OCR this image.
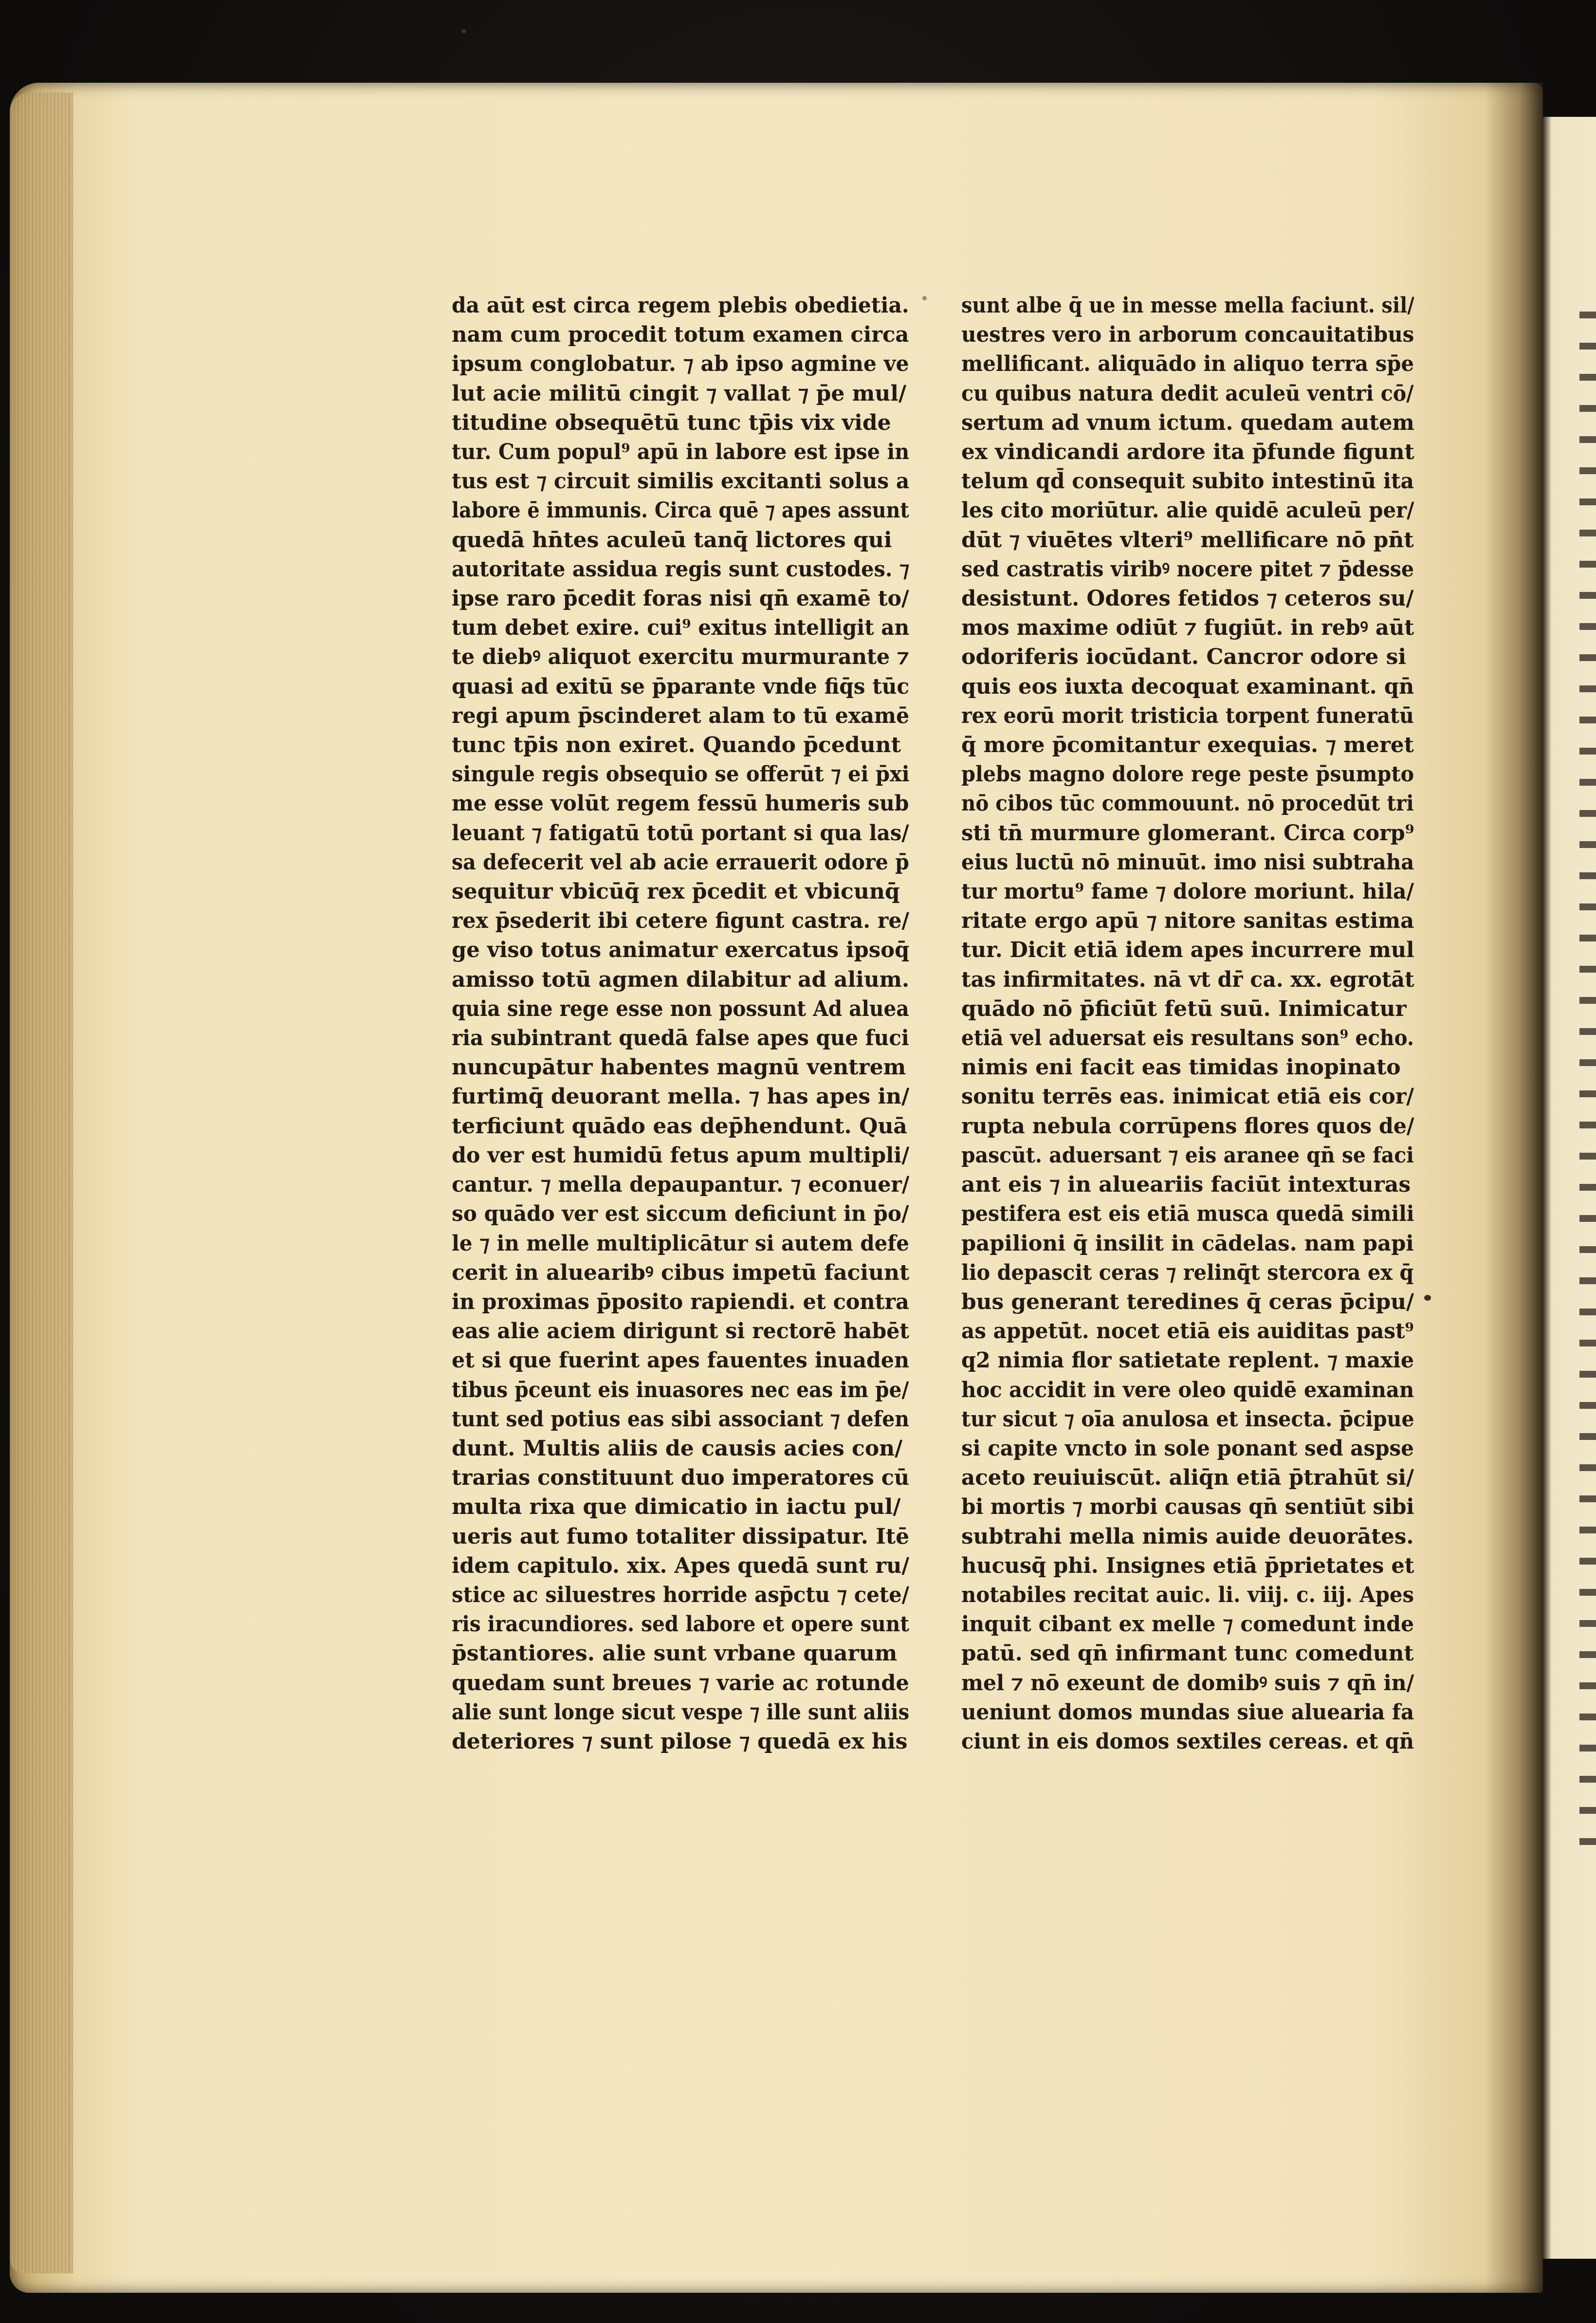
da aūt est circa regem plebis obedietia.
nam cum procedit totum examen circa
ipsum conglobatur. ⁊ ab ipso agmine ve
lut acie militū cingit ⁊ vallat ⁊ p̄e mul/
titudine obsequētū tunc tp̄is vix vide
tur. Cum popul⁹ apū in labore est ipse in
tus est ⁊ circuit similis excitanti solus a
labore ē immunis. Circa quē ⁊ apes assunt
quedā hn̄tes aculeū tanq̄ lictores qui
autoritate assidua regis sunt custodes. ⁊
ipse raro p̄cedit foras nisi qn̄ examē to/
tum debet exire. cui⁹ exitus intelligit an
te diebꝰ aliquot exercitu murmurante ⁊
quasi ad exitū se p̄parante vnde fiq̄s tūc
regi apum p̄scinderet alam to tū examē
tunc tp̄is non exiret. Quando p̄cedunt
singule regis obsequio se offerūt ⁊ ei p̄xi
me esse volūt regem fessū humeris sub
leuant ⁊ fatigatū totū portant si qua las/
sa defecerit vel ab acie errauerit odore p̄
sequitur vbicūq̄ rex p̄cedit et vbicunq̄
rex p̄sederit ibi cetere figunt castra. re/
ge viso totus animatur exercatus ipsoq̄
amisso totū agmen dilabitur ad alium.
quia sine rege esse non possunt Ad aluea
ria subintrant quedā false apes que fuci
nuncupātur habentes magnū ventrem
furtimq̄ deuorant mella. ⁊ has apes in/
terficiunt quādo eas dep̄hendunt. Quā
do ver est humidū fetus apum multipli/
cantur. ⁊ mella depaupantur. ⁊ econuer/
so quādo ver est siccum deficiunt in p̄o/
le ⁊ in melle multiplicātur si autem defe
cerit in aluearibꝰ cibus impetū faciunt
in proximas p̄posito rapiendi. et contra
eas alie aciem dirigunt si rectorē habēt
et si que fuerint apes fauentes inuaden
tibus p̄ceunt eis inuasores nec eas im p̄e/
tunt sed potius eas sibi associant ⁊ defen
dunt. Multis aliis de causis acies con/
trarias constituunt duo imperatores cū
multa rixa que dimicatio in iactu pul/
ueris aut fumo totaliter dissipatur. Itē
idem capitulo. xix. Apes quedā sunt ru/
stice ac siluestres horride asp̄ctu ⁊ cete/
ris iracundiores. sed labore et opere sunt
p̄stantiores. alie sunt vrbane quarum
quedam sunt breues ⁊ varie ac rotunde
alie sunt longe sicut vespe ⁊ ille sunt aliis
deteriores ⁊ sunt pilose ⁊ quedā ex his
sunt albe q̄ ue in messe mella faciunt. sil/
uestres vero in arborum concauitatibus
mellificant. aliquādo in aliquo terra sp̄e
cu quibus natura dedit aculeū ventri cō/
sertum ad vnum ictum. quedam autem
ex vindicandi ardore ita p̄funde figunt
telum qd̄ consequit subito intestinū ita
les cito moriūtur. alie quidē aculeū per/
dūt ⁊ viuētes vlteri⁹ mellificare nō pn̄t
sed castratis viribꝰ nocere pitet ⁊ p̄desse
desistunt. Odores fetidos ⁊ ceteros su/
mos maxime odiūt ⁊ fugiūt. in rebꝰ aūt
odoriferis iocūdant. Cancror odore si
quis eos iuxta decoquat examinant. qn̄
rex eorū morit tristicia torpent funeratū
q̄ more p̄comitantur exequias. ⁊ meret
plebs magno dolore rege peste p̄sumpto
nō cibos tūc commouunt. nō procedūt tri
sti tn̄ murmure glomerant. Circa corp⁹
eius luctū nō minuūt. imo nisi subtraha
tur mortu⁹ fame ⁊ dolore moriunt. hila/
ritate ergo apū ⁊ nitore sanitas estima
tur. Dicit etiā idem apes incurrere mul
tas infirmitates. nā vt dr̄ ca. xx. egrotāt
quādo nō p̄ficiūt fetū suū. Inimicatur
etiā vel aduersat eis resultans son⁹ echo.
nimis eni facit eas timidas inopinato
sonitu terrēs eas. inimicat etiā eis cor/
rupta nebula corrūpens flores quos de/
pascūt. aduersant ⁊ eis aranee qn̄ se faci
ant eis ⁊ in alueariis faciūt intexturas
pestifera est eis etiā musca quedā simili
papilioni q̄ insilit in cādelas. nam papi
lio depascit ceras ⁊ relinq̄t stercora ex q̄
bus generant teredines q̄ ceras p̄cipu/
as appetūt. nocet etiā eis auiditas past⁹
q2 nimia flor satietate replent. ⁊ maxie
hoc accidit in vere oleo quidē examinan
tur sicut ⁊ oīa anulosa et insecta. p̄cipue
si capite vncto in sole ponant sed aspse
aceto reuiuiscūt. aliq̄n etiā p̄trahūt si/
bi mortis ⁊ morbi causas qn̄ sentiūt sibi
subtrahi mella nimis auide deuorātes.
hucusq̄ phi. Insignes etiā p̄prietates et
notabiles recitat auic. li. viij. c. iij. Apes
inquit cibant ex melle ⁊ comedunt inde
patū. sed qn̄ infirmant tunc comedunt
mel ⁊ nō exeunt de domibꝰ suis ⁊ qn̄ in/
ueniunt domos mundas siue aluearia fa
ciunt in eis domos sextiles cereas. et qn̄
